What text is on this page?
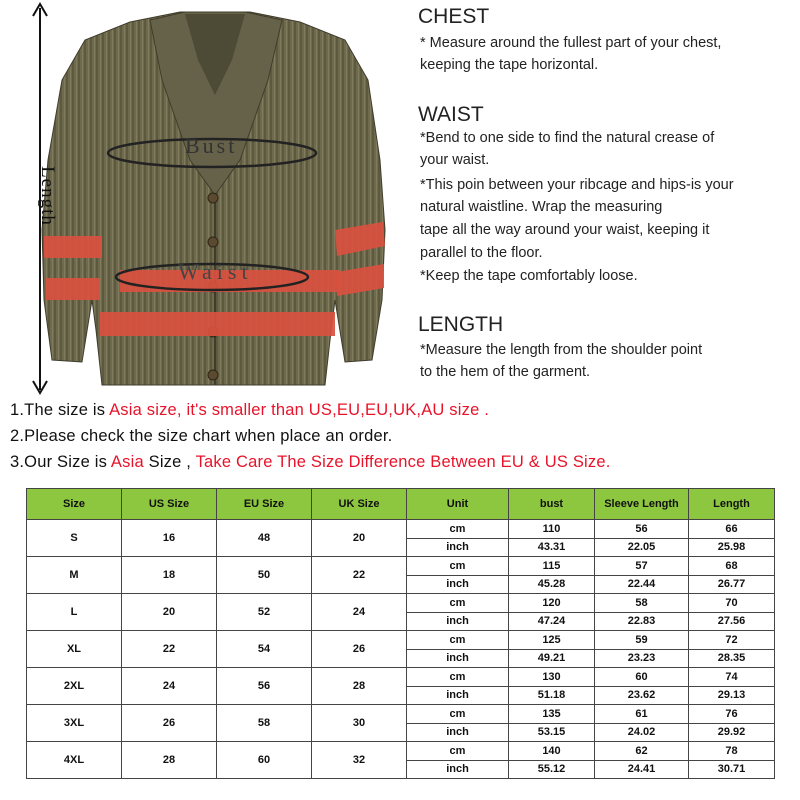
Length
Bust
Waist
CHEST
* Measure around the fullest part of your chest,
keeping the tape horizontal.
WAIST
*Bend to one side to find the natural crease of
your waist.
*This poin between your ribcage and hips-is your
natural waistline. Wrap the measuring
tape all the way around your waist, keeping it
parallel to the floor.
*Keep the tape comfortably loose.
LENGTH
*Measure the length from the shoulder point
to the hem of the garment.
1.The size is Asia size, it's smaller than US,EU,EU,UK,AU size .
2.Please check the size chart when place an order.
3.Our Size is Asia Size , Take Care The Size Difference Between EU & US Size.
Size	US Size	EU Size	UK Size	Unit	bust	Sleeve Length	Length
S	16	48	20	cm	110	56	66
				inch	43.31	22.05	25.98
M	18	50	22	cm	115	57	68
				inch	45.28	22.44	26.77
L	20	52	24	cm	120	58	70
				inch	47.24	22.83	27.56
XL	22	54	26	cm	125	59	72
				inch	49.21	23.23	28.35
2XL	24	56	28	cm	130	60	74
				inch	51.18	23.62	29.13
3XL	26	58	30	cm	135	61	76
				inch	53.15	24.02	29.92
4XL	28	60	32	cm	140	62	78
				inch	55.12	24.41	30.71
